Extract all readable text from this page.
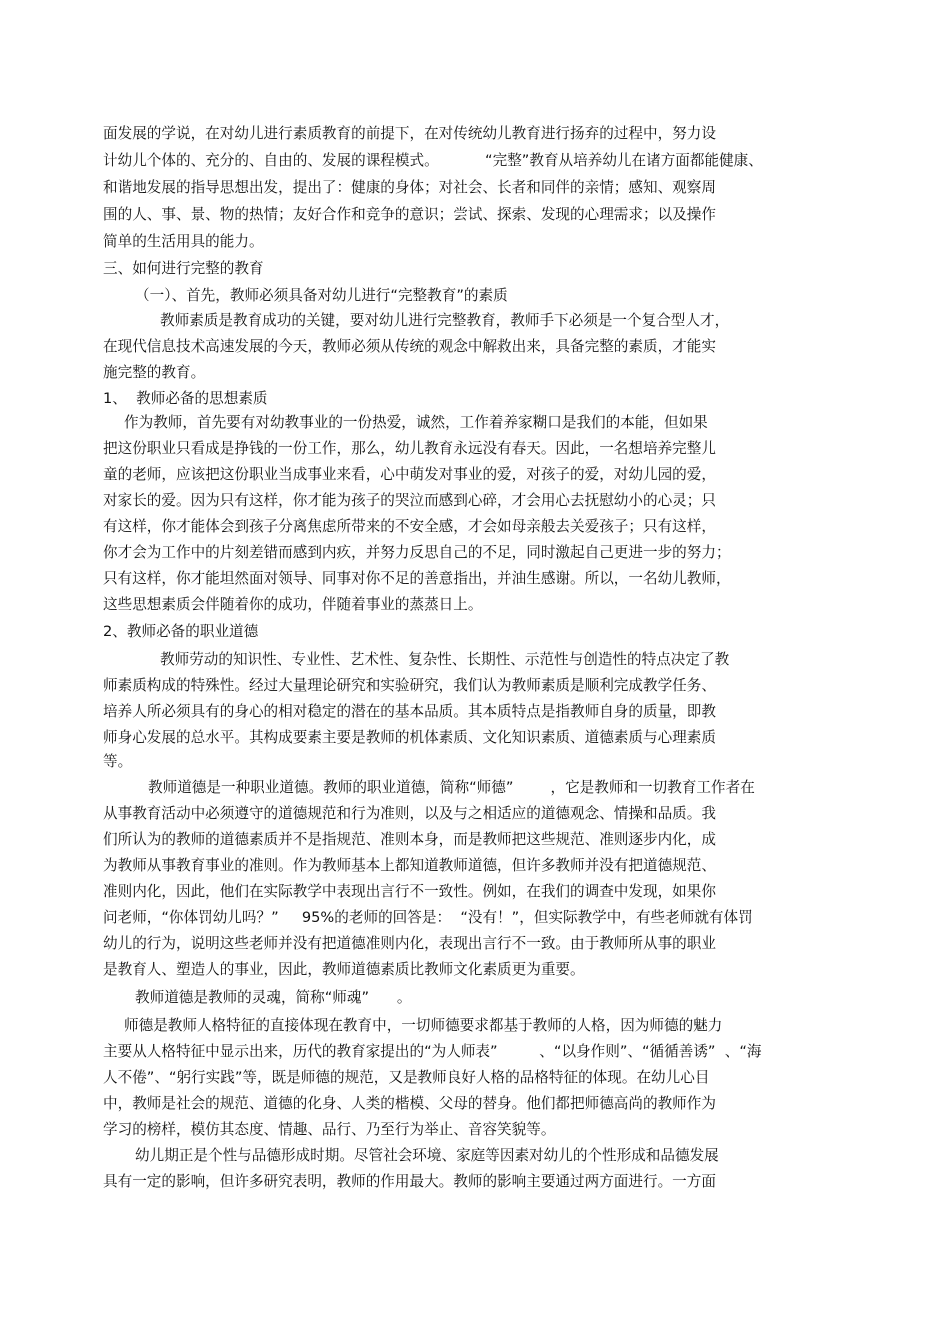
面发展的学说，在对幼儿进行素质教育的前提下，在对传统幼儿教育进行扬弃的过程中，努力设
计幼儿个体的、充分的、自由的、发展的课程模式。          “完整”教育从培养幼儿在诸方面都能健康、
和谐地发展的指导思想出发，提出了：健康的身体；对社会、长者和同伴的亲情；感知、观察周
围的人、事、景、物的热情；友好合作和竞争的意识；尝试、探索、发现的心理需求；以及操作
简单的生活用具的能力。
三、如何进行完整的教育
（一）、首先，教师必须具备对幼儿进行“完整教育”的素质
教师素质是教育成功的关键，要对幼儿进行完整教育，教师手下必须是一个复合型人才，
在现代信息技术高速发展的今天，教师必须从传统的观念中解救出来，具备完整的素质，才能实
施完整的教育。
1、  教师必备的思想素质
作为教师，首先要有对幼教事业的一份热爱，诚然，工作着养家糊口是我们的本能，但如果
把这份职业只看成是挣钱的一份工作，那么，幼儿教育永远没有春天。因此，一名想培养完整儿
童的老师，应该把这份职业当成事业来看，心中萌发对事业的爱，对孩子的爱，对幼儿园的爱，
对家长的爱。因为只有这样，你才能为孩子的哭泣而感到心碎，才会用心去抚慰幼小的心灵；只
有这样，你才能体会到孩子分离焦虑所带来的不安全感，才会如母亲般去关爱孩子；只有这样，
你才会为工作中的片刻差错而感到内疚，并努力反思自己的不足，同时激起自己更进一步的努力；
只有这样，你才能坦然面对领导、同事对你不足的善意指出，并油生感谢。所以，一名幼儿教师，
这些思想素质会伴随着你的成功，伴随着事业的蒸蒸日上。
2、教师必备的职业道德
教师劳动的知识性、专业性、艺术性、复杂性、长期性、示范性与创造性的特点决定了教
师素质构成的特殊性。经过大量理论研究和实验研究，我们认为教师素质是顺利完成教学任务、
培养人所必须具有的身心的相对稳定的潜在的基本品质。其本质特点是指教师自身的质量，即教
师身心发展的总水平。其构成要素主要是教师的机体素质、文化知识素质、道德素质与心理素质
等。
教师道德是一种职业道德。教师的职业道德，简称“师德”        ，它是教师和一切教育工作者在
从事教育活动中必须遵守的道德规范和行为准则，以及与之相适应的道德观念、情操和品质。我
们所认为的教师的道德素质并不是指规范、准则本身，而是教师把这些规范、准则逐步内化，成
为教师从事教育事业的准则。作为教师基本上都知道教师道德，但许多教师并没有把道德规范、
准则内化，因此，他们在实际教学中表现出言行不一致性。例如，在我们的调查中发现，如果你
问老师，“你体罚幼儿吗？”     95%的老师的回答是：  “没有！”，但实际教学中，有些老师就有体罚
幼儿的行为，说明这些老师并没有把道德准则内化，表现出言行不一致。由于教师所从事的职业
是教育人、塑造人的事业，因此，教师道德素质比教师文化素质更为重要。
教师道德是教师的灵魂，简称“师魂”      。
师德是教师人格特征的直接体现在教育中，一切师德要求都基于教师的人格，因为师德的魅力
主要从人格特征中显示出来，历代的教育家提出的“为人师表”         、“以身作则”、“循循善诱”  、“海
人不倦”、“躬行实践”等，既是师德的规范，又是教师良好人格的品格特征的体现。在幼儿心目
中，教师是社会的规范、道德的化身、人类的楷模、父母的替身。他们都把师德高尚的教师作为
学习的榜样，模仿其态度、情趣、品行、乃至行为举止、音容笑貌等。
幼儿期正是个性与品德形成时期。尽管社会环境、家庭等因素对幼儿的个性形成和品德发展
具有一定的影响，但许多研究表明，教师的作用最大。教师的影响主要通过两方面进行。一方面
